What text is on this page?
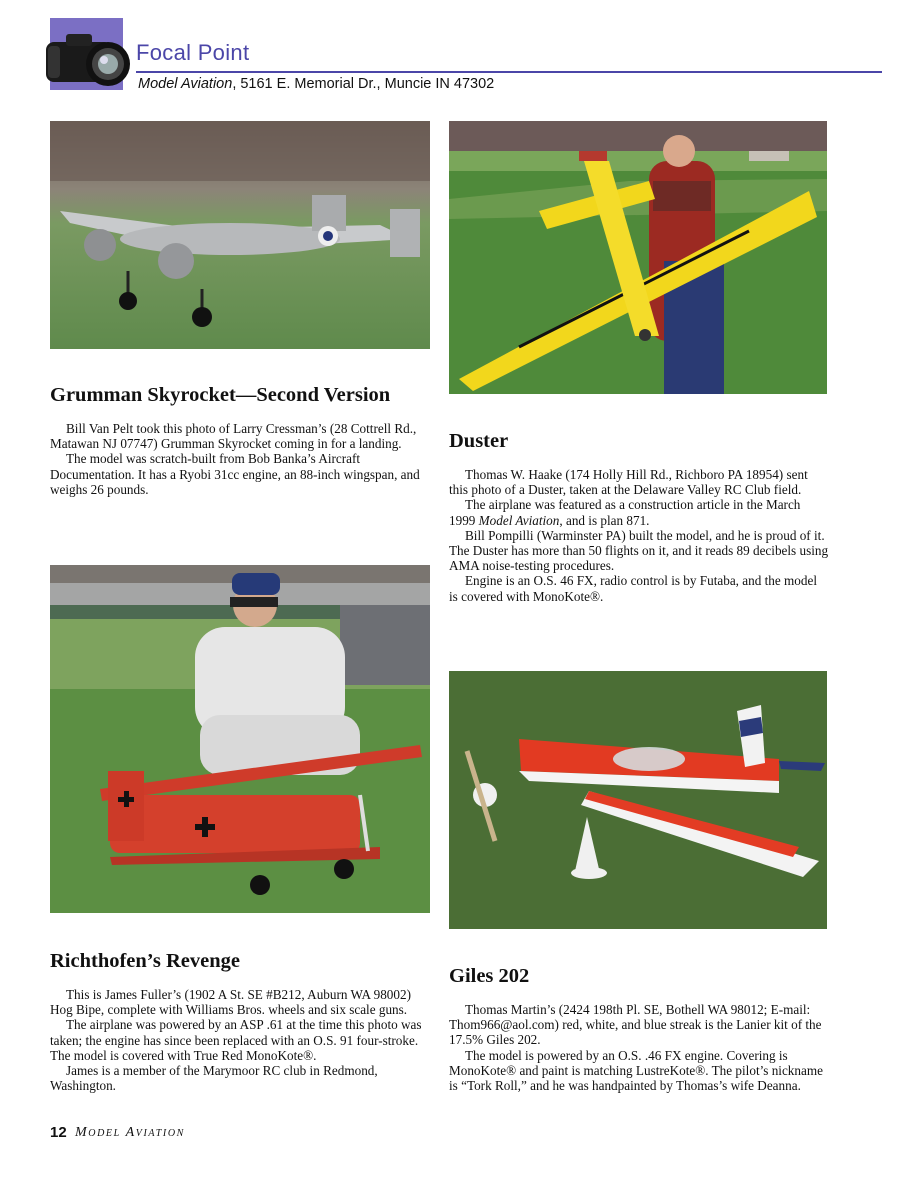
Focal Point
Model Aviation, 5161 E. Memorial Dr., Muncie IN 47302
Grumman Skyrocket—Second Version

Bill Van Pelt took this photo of Larry Cressman’s (28 Cottrell Rd., Matawan NJ 07747) Grumman Skyrocket coming in for a landing.

The model was scratch-built from Bob Banka’s Aircraft Documentation. It has a Ryobi 31cc engine, an 88-inch wingspan, and weighs 26 pounds.

Duster

Thomas W. Haake (174 Holly Hill Rd., Richboro PA 18954) sent this photo of a Duster, taken at the Delaware Valley RC Club field.

The airplane was featured as a construction article in the March 1999 Model Aviation, and is plan 871.

Bill Pompilli (Warminster PA) built the model, and he is proud of it. The Duster has more than 50 flights on it, and it reads 89 decibels using AMA noise-testing procedures.

Engine is an O.S. 46 FX, radio control is by Futaba, and the model is covered with MonoKote®.

Richthofen’s Revenge

This is James Fuller’s (1902 A St. SE #B212, Auburn WA 98002) Hog Bipe, complete with Williams Bros. wheels and six scale guns.

The airplane was powered by an ASP .61 at the time this photo was taken; the engine has since been replaced with an O.S. 91 four-stroke. The model is covered with True Red MonoKote®.

James is a member of the Marymoor RC club in Redmond, Washington.

Giles 202

Thomas Martin’s (2424 198th Pl. SE, Bothell WA 98012; E-mail: Thom966@aol.com) red, white, and blue streak is the Lanier kit of the 17.5% Giles 202.

The model is powered by an O.S. .46 FX engine. Covering is MonoKote® and paint is matching LustreKote®. The pilot’s nickname is “Tork Roll,” and he was handpainted by Thomas’s wife Deanna.

12 Model Aviation
